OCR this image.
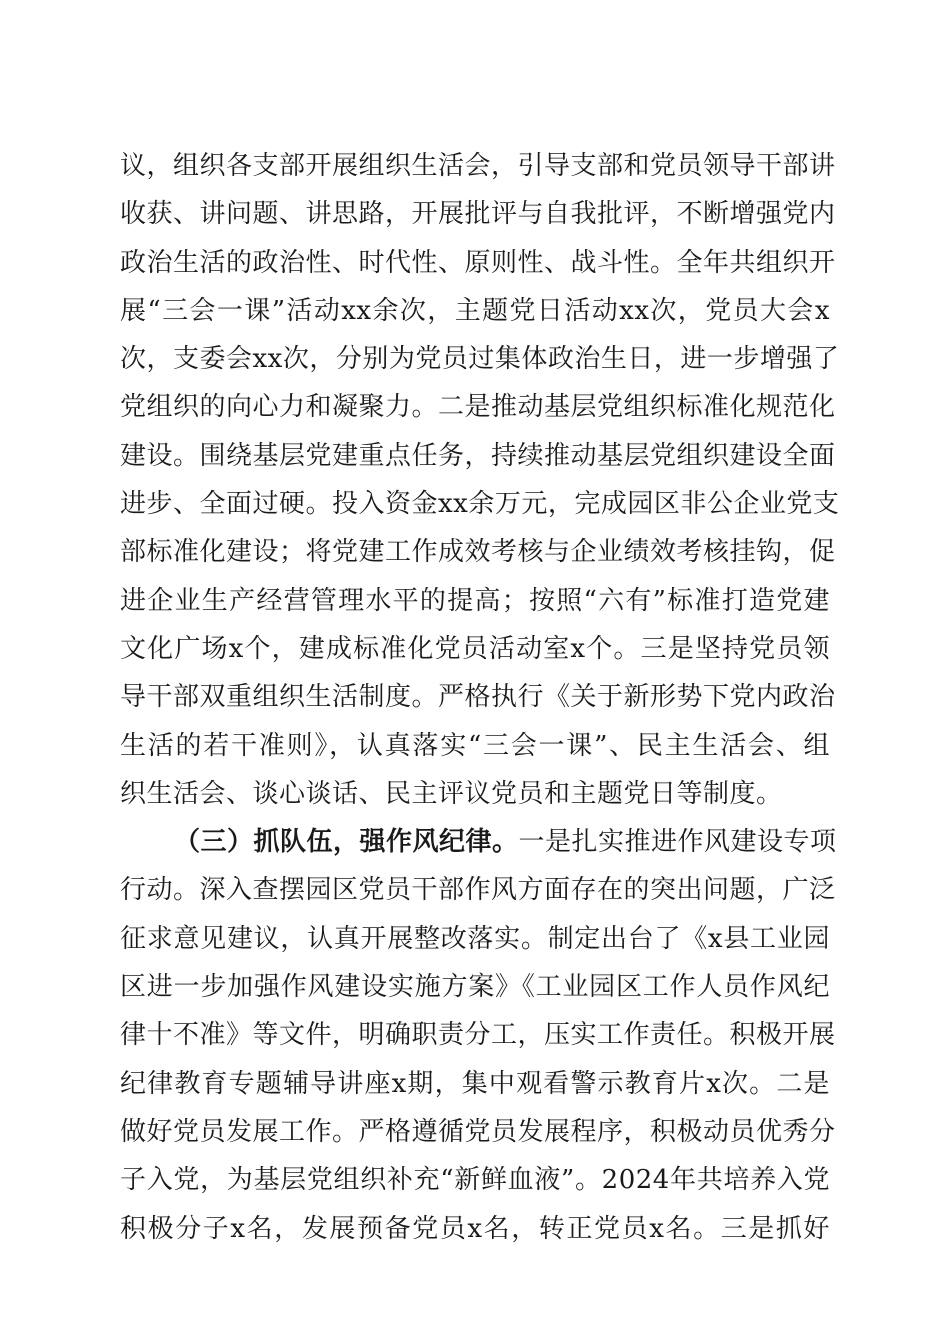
议，组织各支部开展组织生活会，引导支部和党员领导干部讲
收获、讲问题、讲思路，开展批评与自我批评，不断增强党内
政治生活的政治性、时代性、原则性、战斗性。全年共组织开
展“三会一课”活动xx余次，主题党日活动xx次，党员大会x
次，支委会xx次，分别为党员过集体政治生日，进一步增强了
党组织的向心力和凝聚力。二是推动基层党组织标准化规范化
建设。围绕基层党建重点任务，持续推动基层党组织建设全面
进步、全面过硬。投入资金xx余万元，完成园区非公企业党支
部标准化建设；将党建工作成效考核与企业绩效考核挂钩，促
进企业生产经营管理水平的提高；按照“六有”标准打造党建
文化广场x个，建成标准化党员活动室x个。三是坚持党员领
导干部双重组织生活制度。严格执行《关于新形势下党内政治
生活的若干准则》，认真落实“三会一课”、民主生活会、组
织生活会、谈心谈话、民主评议党员和主题党日等制度。
（三）抓队伍，强作风纪律。一是扎实推进作风建设专项
行动。深入查摆园区党员干部作风方面存在的突出问题，广泛
征求意见建议，认真开展整改落实。制定出台了《x县工业园
区进一步加强作风建设实施方案》《工业园区工作人员作风纪
律十不准》等文件，明确职责分工，压实工作责任。积极开展
纪律教育专题辅导讲座x期，集中观看警示教育片x次。二是
做好党员发展工作。严格遵循党员发展程序，积极动员优秀分
子入党，为基层党组织补充“新鲜血液”。2024年共培养入党
积极分子x名，发展预备党员x名，转正党员x名。三是抓好
